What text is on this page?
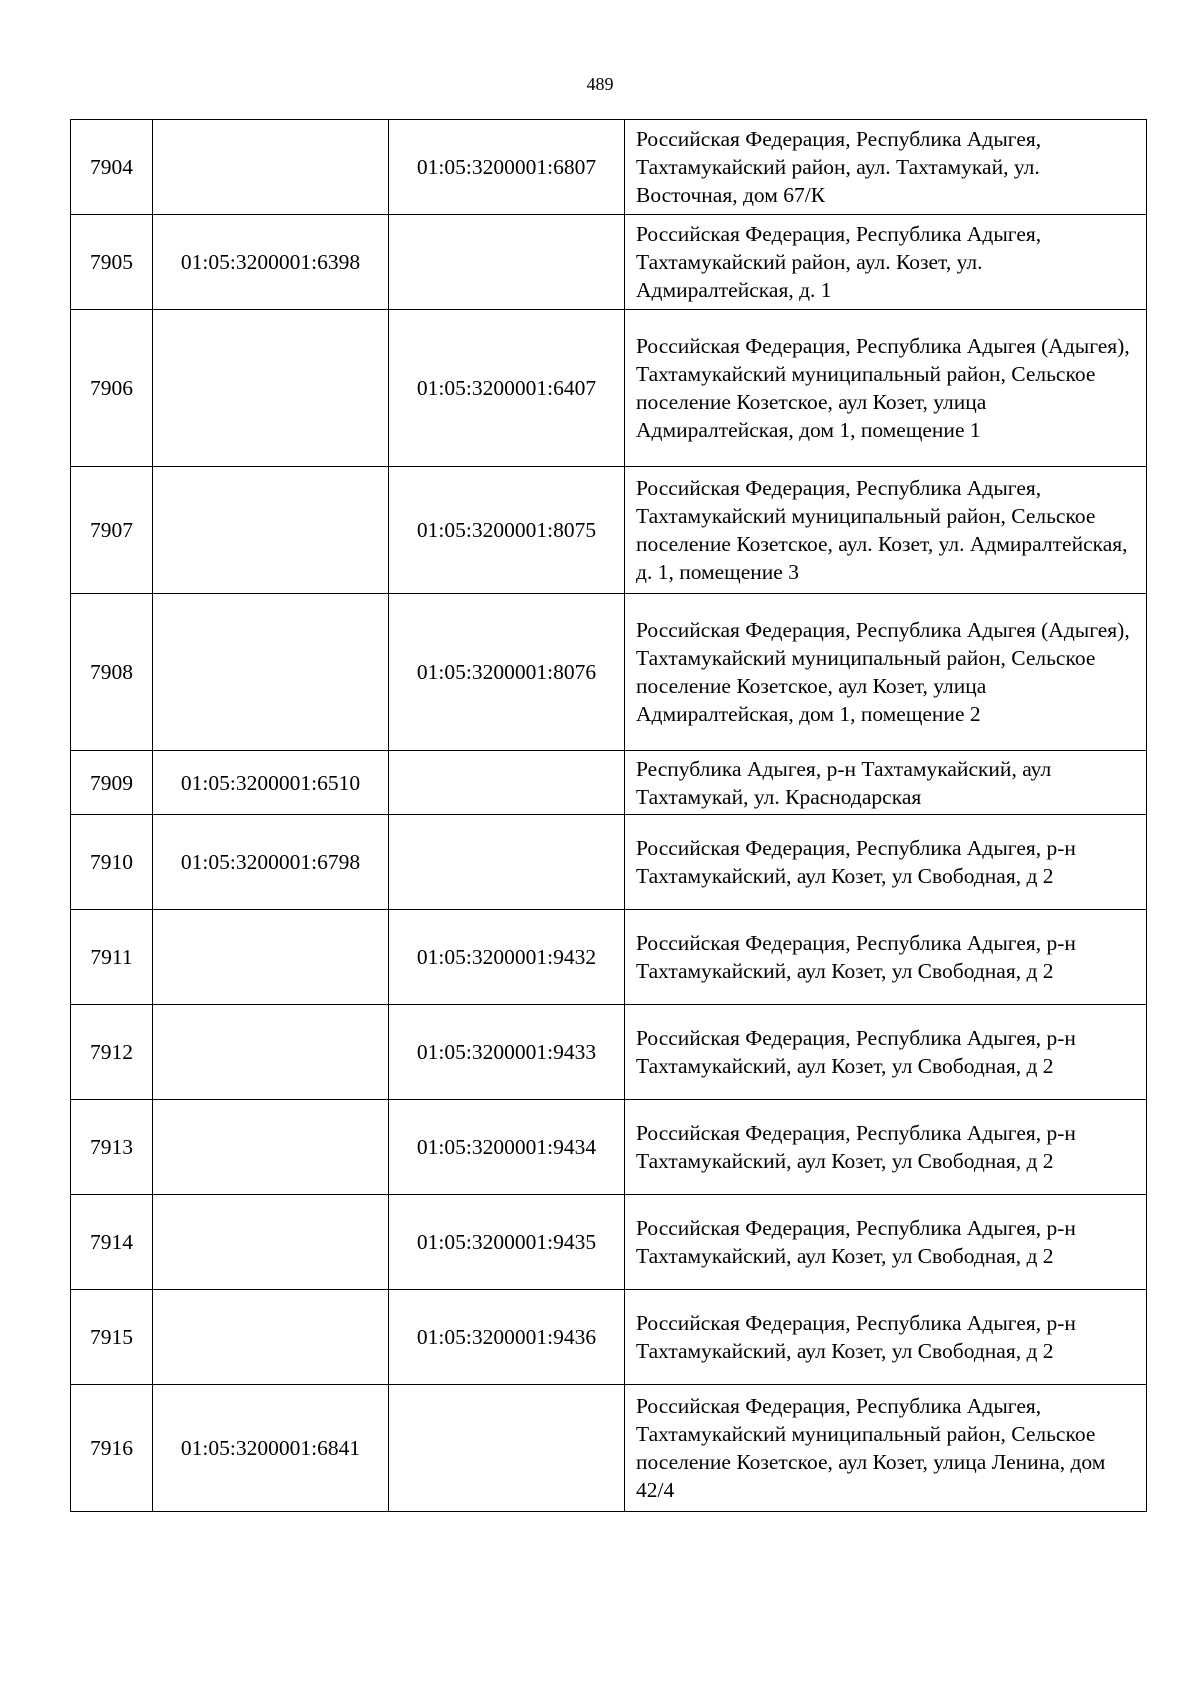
489
7904		01:05:3200001:6807	Российская Федерация, Республика Адыгея, Тахтамукайский район, аул. Тахтамукай, ул. Восточная, дом 67/К
7905	01:05:3200001:6398		Российская Федерация, Республика Адыгея, Тахтамукайский район, аул. Козет, ул. Адмиралтейская, д. 1
7906		01:05:3200001:6407	Российская Федерация, Республика Адыгея (Адыгея), Тахтамукайский муниципальный район, Сельское поселение Козетское, аул Козет, улица Адмиралтейская, дом 1, помещение 1
7907		01:05:3200001:8075	Российская Федерация, Республика Адыгея, Тахтамукайский муниципальный район, Сельское поселение Козетское, аул. Козет, ул. Адмиралтейская, д. 1, помещение 3
7908		01:05:3200001:8076	Российская Федерация, Республика Адыгея (Адыгея), Тахтамукайский муниципальный район, Сельское поселение Козетское, аул Козет, улица Адмиралтейская, дом 1, помещение 2
7909	01:05:3200001:6510		Республика Адыгея, р-н Тахтамукайский, аул Тахтамукай, ул. Краснодарская
7910	01:05:3200001:6798		Российская Федерация, Республика Адыгея, р-н Тахтамукайский, аул Козет, ул Свободная, д 2
7911		01:05:3200001:9432	Российская Федерация, Республика Адыгея, р-н Тахтамукайский, аул Козет, ул Свободная, д 2
7912		01:05:3200001:9433	Российская Федерация, Республика Адыгея, р-н Тахтамукайский, аул Козет, ул Свободная, д 2
7913		01:05:3200001:9434	Российская Федерация, Республика Адыгея, р-н Тахтамукайский, аул Козет, ул Свободная, д 2
7914		01:05:3200001:9435	Российская Федерация, Республика Адыгея, р-н Тахтамукайский, аул Козет, ул Свободная, д 2
7915		01:05:3200001:9436	Российская Федерация, Республика Адыгея, р-н Тахтамукайский, аул Козет, ул Свободная, д 2
7916	01:05:3200001:6841		Российская Федерация, Республика Адыгея, Тахтамукайский муниципальный район, Сельское поселение Козетское, аул Козет, улица Ленина, дом 42/4
